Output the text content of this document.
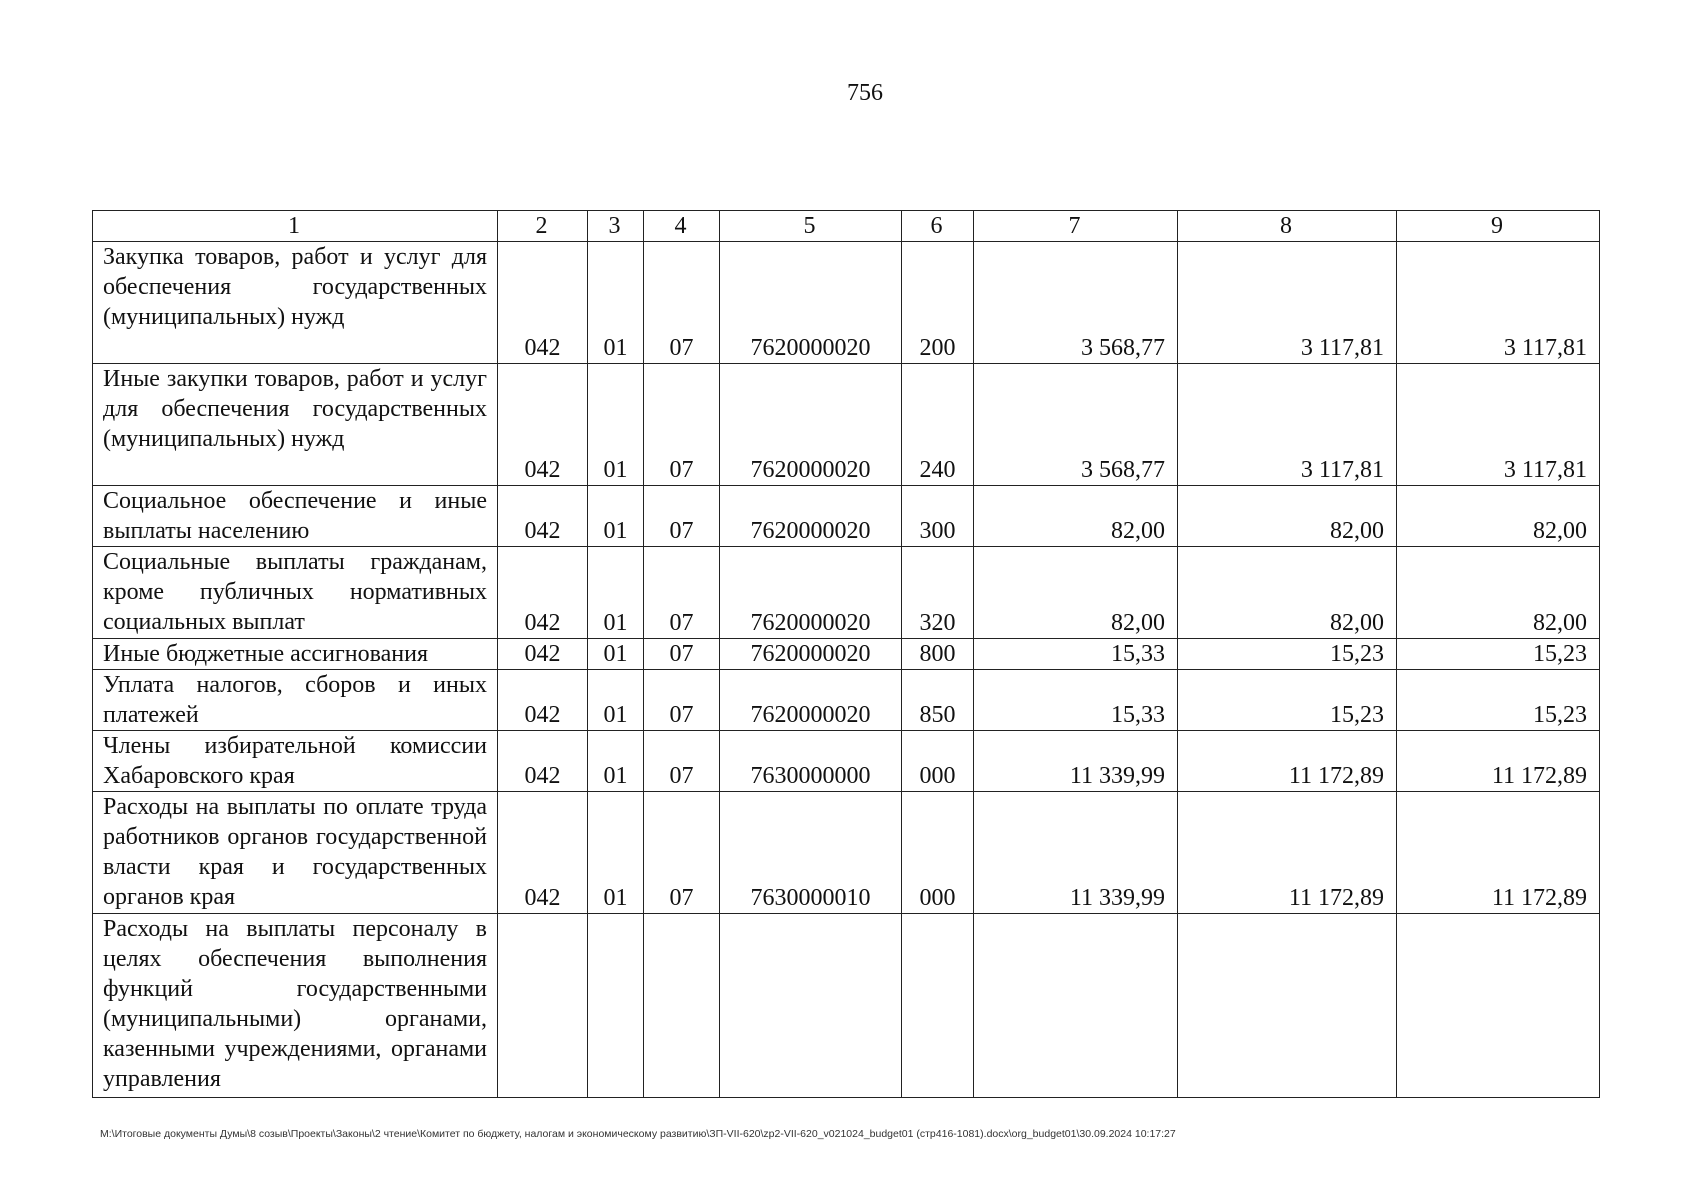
756
1	2	3	4	5	6	7	8	9
Закупка товаров, работ и услуг для обеспечения государственных (муниципальных) нужд	042	01	07	7620000020	200	3 568,77	3 117,81	3 117,81
Иные закупки товаров, работ и услуг для обеспечения государственных (муниципальных) нужд	042	01	07	7620000020	240	3 568,77	3 117,81	3 117,81
Социальное обеспечение и иные выплаты населению	042	01	07	7620000020	300	82,00	82,00	82,00
Социальные выплаты гражданам, кроме публичных нормативных социальных выплат	042	01	07	7620000020	320	82,00	82,00	82,00
Иные бюджетные ассигнования	042	01	07	7620000020	800	15,33	15,23	15,23
Уплата налогов, сборов и иных платежей	042	01	07	7620000020	850	15,33	15,23	15,23
Члены избирательной комиссии Хабаровского края	042	01	07	7630000000	000	11 339,99	11 172,89	11 172,89
Расходы на выплаты по оплате труда работников органов государственной власти края и государственных органов края	042	01	07	7630000010	000	11 339,99	11 172,89	11 172,89
Расходы на выплаты персоналу в целях обеспечения выполнения функций государственными (муниципальными) органами, казенными учреждениями, органами управления								
M:\Итоговые документы Думы\8 созыв\Проекты\Законы\2 чтение\Комитет по бюджету, налогам и экономическому развитию\ЗП-VII-620\zp2-VII-620_v021024_budget01 (стр416-1081).docx\org_budget01\30.09.2024 10:17:27
